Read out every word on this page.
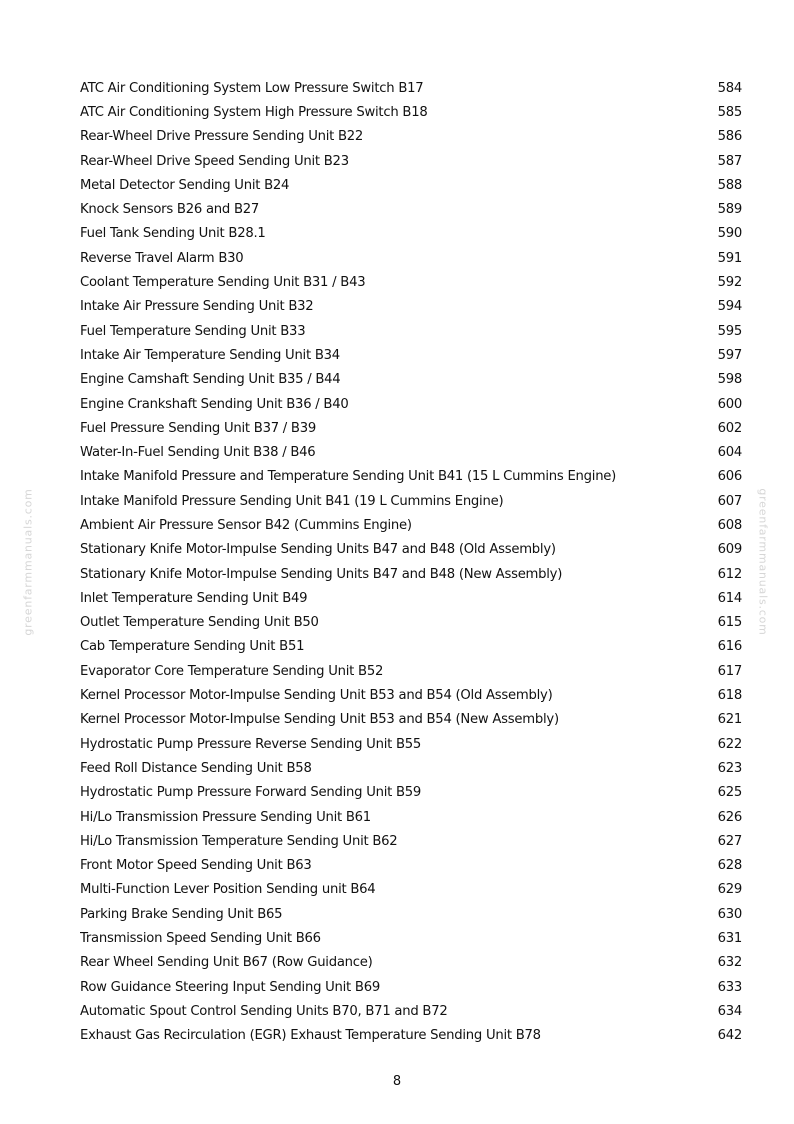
ATC Air Conditioning System Low Pressure Switch B17	584
ATC Air Conditioning System High Pressure Switch B18	585
Rear-Wheel Drive Pressure Sending Unit B22	586
Rear-Wheel Drive Speed Sending Unit B23	587
Metal Detector Sending Unit B24	588
Knock Sensors B26 and B27	589
Fuel Tank Sending Unit B28.1	590
Reverse Travel Alarm B30	591
Coolant Temperature Sending Unit B31 / B43	592
Intake Air Pressure Sending Unit B32	594
Fuel Temperature Sending Unit B33	595
Intake Air Temperature Sending Unit B34	597
Engine Camshaft Sending Unit B35 / B44	598
Engine Crankshaft Sending Unit B36 / B40	600
Fuel Pressure Sending Unit B37 / B39	602
Water-In-Fuel Sending Unit B38 / B46	604
Intake Manifold Pressure and Temperature Sending Unit B41 (15 L Cummins Engine)	606
Intake Manifold Pressure Sending Unit B41 (19 L Cummins Engine)	607
Ambient Air Pressure Sensor B42 (Cummins Engine)	608
Stationary Knife Motor-Impulse Sending Units B47 and B48 (Old Assembly)	609
Stationary Knife Motor-Impulse Sending Units B47 and B48 (New Assembly)	612
Inlet Temperature Sending Unit B49	614
Outlet Temperature Sending Unit B50	615
Cab Temperature Sending Unit B51	616
Evaporator Core Temperature Sending Unit B52	617
Kernel Processor Motor-Impulse Sending Unit B53 and B54 (Old Assembly)	618
Kernel Processor Motor-Impulse Sending Unit B53 and B54 (New Assembly)	621
Hydrostatic Pump Pressure Reverse Sending Unit B55	622
Feed Roll Distance Sending Unit B58	623
Hydrostatic Pump Pressure Forward Sending Unit B59	625
Hi/Lo Transmission Pressure Sending Unit B61	626
Hi/Lo Transmission Temperature Sending Unit B62	627
Front Motor Speed Sending Unit B63	628
Multi-Function Lever Position Sending unit B64	629
Parking Brake Sending Unit B65	630
Transmission Speed Sending Unit B66	631
Rear Wheel Sending Unit B67 (Row Guidance)	632
Row Guidance Steering Input Sending Unit B69	633
Automatic Spout Control Sending Units B70, B71 and B72	634
Exhaust Gas Recirculation (EGR) Exhaust Temperature Sending Unit B78	642
greenfarmmanuals.com	greenfarmmanuals.com
8
